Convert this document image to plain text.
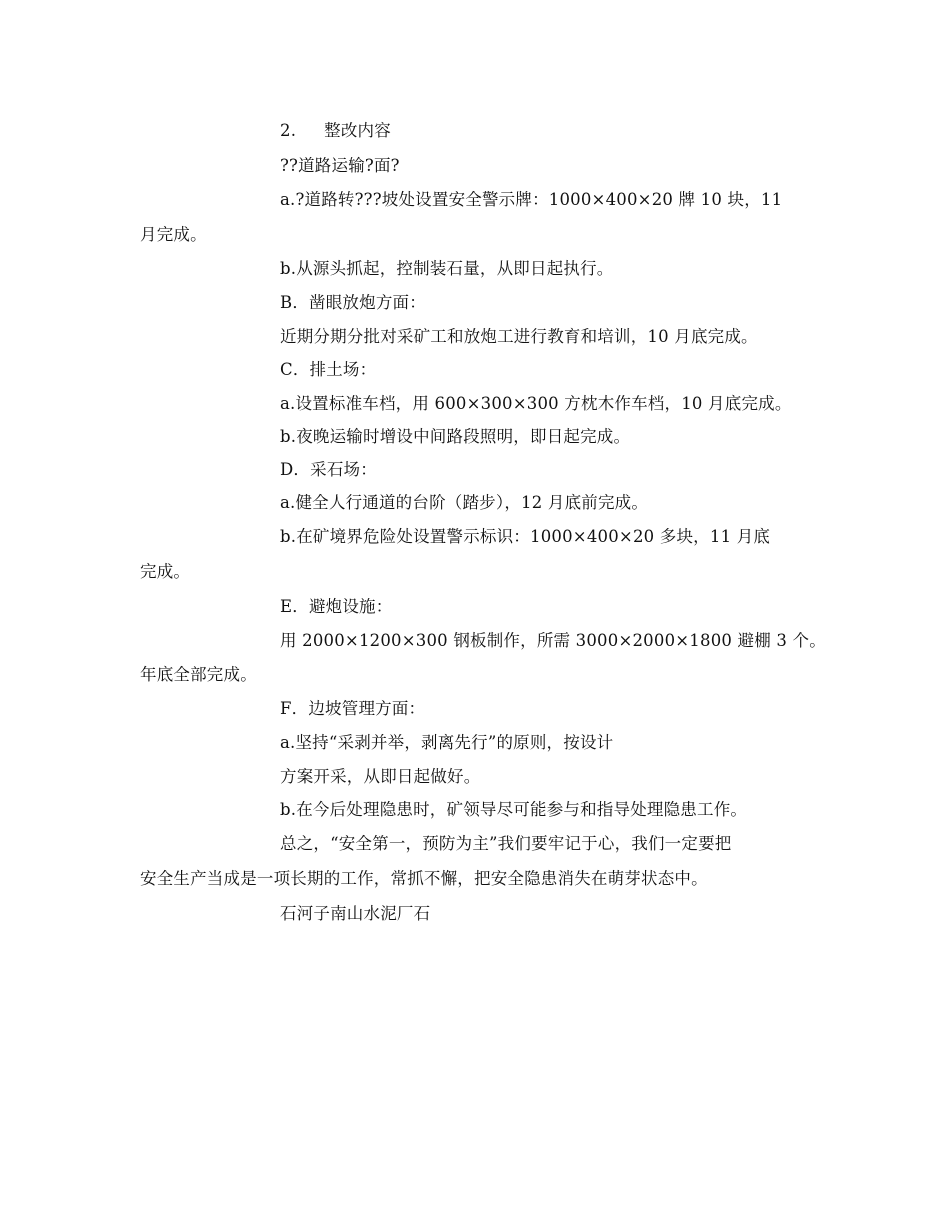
2. 整改内容
??道路运输?面?
a.?道路转???坡处设置安全警示牌：1000×400×20 牌 10 块，11
月完成。
b.从源头抓起，控制装石量，从即日起执行。
B．凿眼放炮方面：
近期分期分批对采矿工和放炮工进行教育和培训，10 月底完成。
C．排土场：
a.设置标准车档，用 600×300×300 方枕木作车档，10 月底完成。
b.夜晚运输时增设中间路段照明，即日起完成。
D．采石场：
a.健全人行通道的台阶（踏步），12 月底前完成。
b.在矿境界危险处设置警示标识：1000×400×20 多块，11 月底
完成。
E．避炮设施：
用 2000×1200×300 钢板制作，所需 3000×2000×1800 避棚 3 个。
年底全部完成。
F．边坡管理方面：
a.坚持“采剥并举，剥离先行”的原则，按设计
方案开采，从即日起做好。
b.在今后处理隐患时，矿领导尽可能参与和指导处理隐患工作。
总之，“安全第一，预防为主”我们要牢记于心，我们一定要把
安全生产当成是一项长期的工作，常抓不懈，把安全隐患消失在萌芽状态中。
石河子南山水泥厂石
